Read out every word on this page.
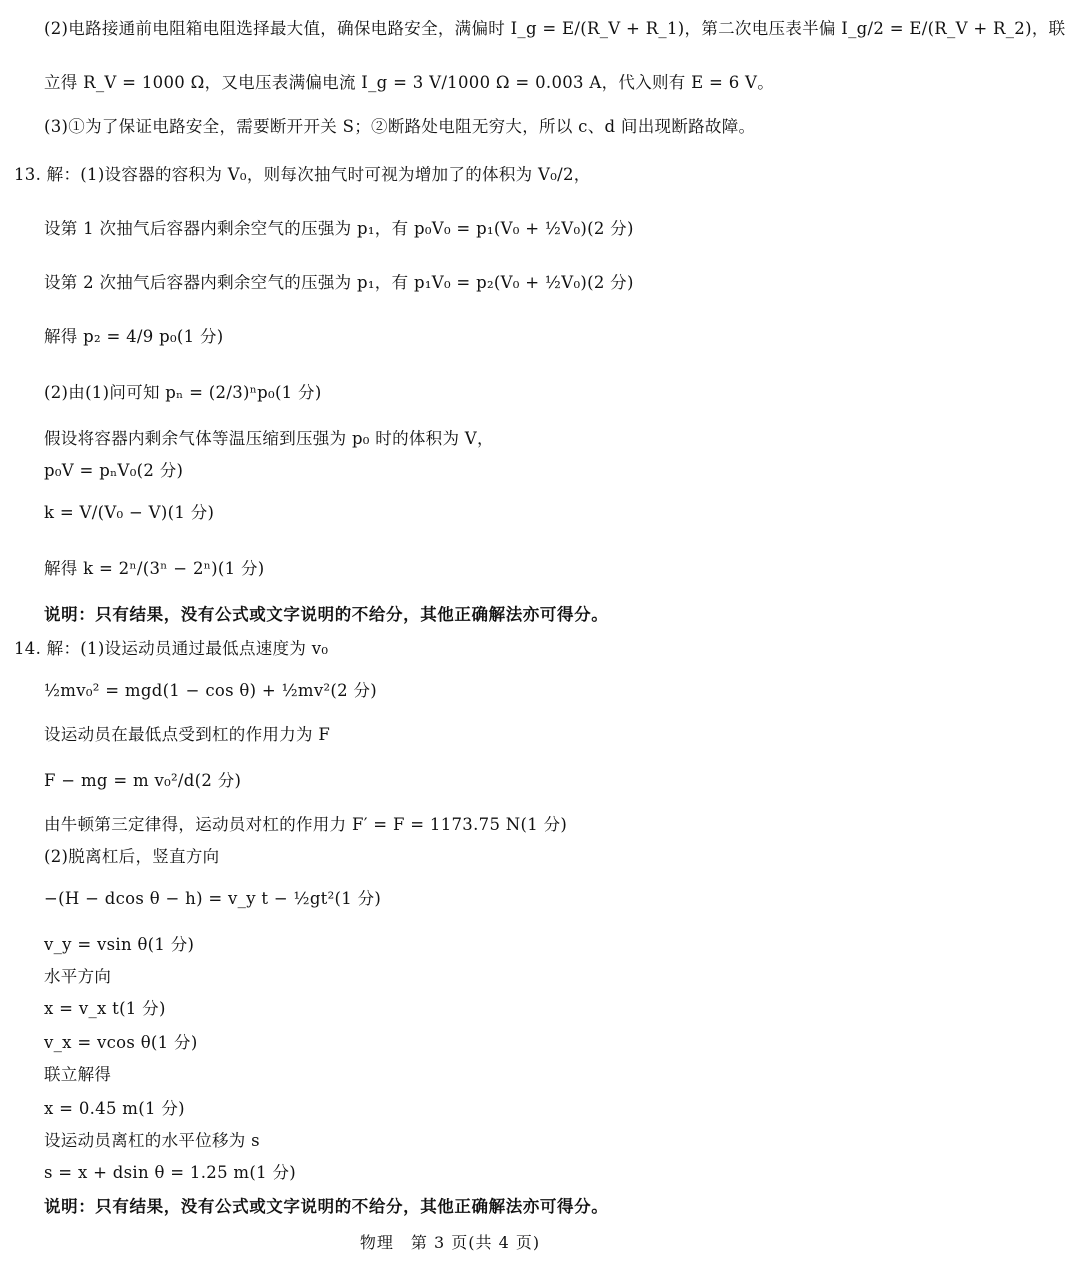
(2)电路接通前电阻箱电阻选择最大值，确保电路安全，满偏时 I_g = E/(R_V + R_1)，第二次电压表半偏 I_g/2 = E/(R_V + R_2)，联
立得 R_V = 1000 Ω，又电压表满偏电流 I_g = 3 V/1000 Ω = 0.003 A，代入则有 E = 6 V。
(3)①为了保证电路安全，需要断开开关 S；②断路处电阻无穷大，所以 c、d 间出现断路故障。
13. 解：(1)设容器的容积为 V₀，则每次抽气时可视为增加了的体积为 V₀/2，
设第 1 次抽气后容器内剩余空气的压强为 p₁，有 p₀V₀ = p₁(V₀ + ½V₀)(2 分)
设第 2 次抽气后容器内剩余空气的压强为 p₁，有 p₁V₀ = p₂(V₀ + ½V₀)(2 分)
解得 p₂ = 4/9 p₀(1 分)
(2)由(1)问可知 pₙ = (2/3)ⁿp₀(1 分)
假设将容器内剩余气体等温压缩到压强为 p₀ 时的体积为 V，
p₀V = pₙV₀(2 分)
k = V/(V₀ − V)(1 分)
解得 k = 2ⁿ/(3ⁿ − 2ⁿ)(1 分)
说明：只有结果，没有公式或文字说明的不给分，其他正确解法亦可得分。
14. 解：(1)设运动员通过最低点速度为 v₀
½mv₀² = mgd(1 − cos θ) + ½mv²(2 分)
设运动员在最低点受到杠的作用力为 F
F − mg = m v₀²/d(2 分)
由牛顿第三定律得，运动员对杠的作用力 F′ = F = 1173.75 N(1 分)
(2)脱离杠后，竖直方向
−(H − dcos θ − h) = v_y t − ½gt²(1 分)
v_y = vsin θ(1 分)
水平方向
x = v_x t(1 分)
v_x = vcos θ(1 分)
联立解得
x = 0.45 m(1 分)
设运动员离杠的水平位移为 s
s = x + dsin θ = 1.25 m(1 分)
说明：只有结果，没有公式或文字说明的不给分，其他正确解法亦可得分。
物理　第 3 页(共 4 页)
